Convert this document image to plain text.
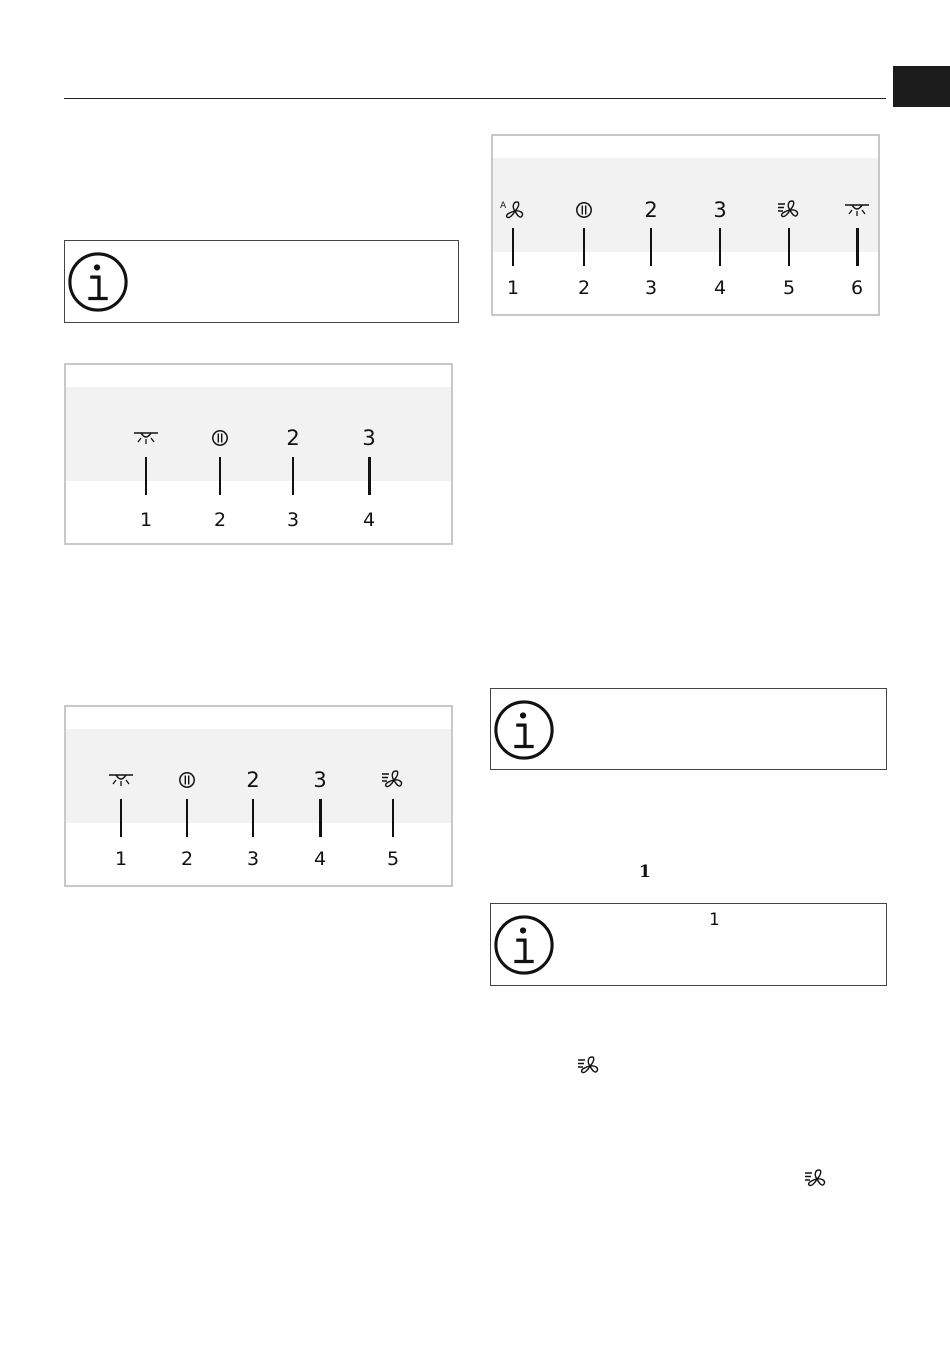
1	2
2
3
3
4
1	2
2
3
3
4	5
1	2
2
3
3
4	5	6
1
1
